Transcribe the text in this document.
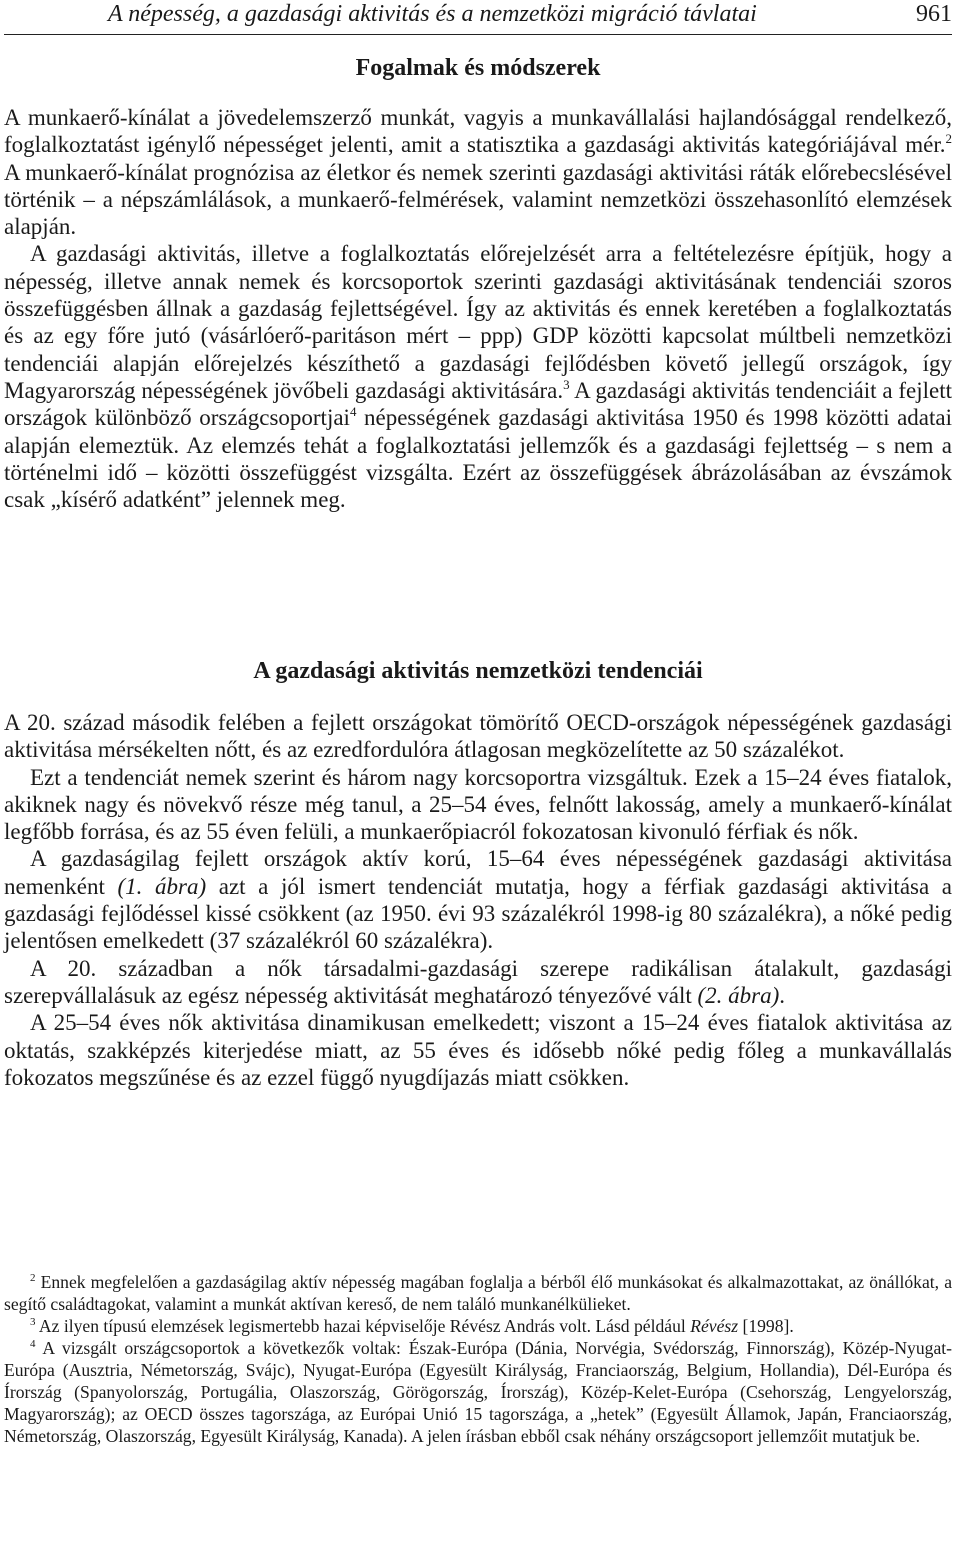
A népesség, a gazdasági aktivitás és a nemzetközi migráció távlatai	961
Fogalmak és módszerek

A munkaerő-kínálat a jövedelemszerző munkát, vagyis a munkavállalási hajlandósággal rendelkező, foglalkoztatást igénylő népességet jelenti, amit a statisztika a gazdasági aktivitás kategóriájával mér.$^2$ A munkaerő-kínálat prognózisa az életkor és nemek szerinti gazdasági aktivitási ráták előrebecslésével történik – a népszámlálások, a munkaerő-felmérések, valamint nemzetközi összehasonlító elemzések alapján.

A gazdasági aktivitás, illetve a foglalkoztatás előrejelzését arra a feltételezésre építjük, hogy a népesség, illetve annak nemek és korcsoportok szerinti gazdasági aktivitásának tendenciái szoros összefüggésben állnak a gazdaság fejlettségével. Így az aktivitás és ennek keretében a foglalkoztatás és az egy főre jutó (vásárlóerő-paritáson mért – ppp) GDP közötti kapcsolat múltbeli nemzetközi tendenciái alapján előrejelzés készíthető a gazdasági fejlődésben követő jellegű országok, így Magyarország népességének jövőbeli gazdasági aktivitására.$^3$ A gazdasági aktivitás tendenciáit a fejlett országok különböző országcsoportjai$^4$ népességének gazdasági aktivitása 1950 és 1998 közötti adatai alapján elemeztük. Az elemzés tehát a foglalkoztatási jellemzők és a gazdasági fejlettség – s nem a történelmi idő – közötti összefüggést vizsgálta. Ezért az összefüggések ábrázolásában az évszámok csak „kísérő adatként” jelennek meg.

A gazdasági aktivitás nemzetközi tendenciái

A 20. század második felében a fejlett országokat tömörítő OECD-országok népességének gazdasági aktivitása mérsékelten nőtt, és az ezredfordulóra átlagosan megközelítette az 50 százalékot.

Ezt a tendenciát nemek szerint és három nagy korcsoportra vizsgáltuk. Ezek a 15–24 éves fiatalok, akiknek nagy és növekvő része még tanul, a 25–54 éves, felnőtt lakosság, amely a munkaerő-kínálat legfőbb forrása, és az 55 éven felüli, a munkaerőpiacról fokozatosan kivonuló férfiak és nők.

A gazdaságilag fejlett országok aktív korú, 15–64 éves népességének gazdasági aktivitása nemenként (1. ábra) azt a jól ismert tendenciát mutatja, hogy a férfiak gazdasági aktivitása a gazdasági fejlődéssel kissé csökkent (az 1950. évi 93 százalékról 1998-ig 80 százalékra), a nőké pedig jelentősen emelkedett (37 százalékról 60 százalékra).

A 20. században a nők társadalmi-gazdasági szerepe radikálisan átalakult, gazdasági szerepvállalásuk az egész népesség aktivitását meghatározó tényezővé vált (2. ábra).

A 25–54 éves nők aktivitása dinamikusan emelkedett; viszont a 15–24 éves fiatalok aktivitása az oktatás, szakképzés kiterjedése miatt, az 55 éves és idősebb nőké pedig főleg a munkavállalás fokozatos megszűnése és az ezzel függő nyugdíjazás miatt csökken.

$^2$ Ennek megfelelően a gazdaságilag aktív népesség magában foglalja a bérből élő munkásokat és alkalmazottakat, az önállókat, a segítő családtagokat, valamint a munkát aktívan kereső, de nem találó munkanélkülieket.

$^3$ Az ilyen típusú elemzések legismertebb hazai képviselője Révész András volt. Lásd például Révész [1998].

$^4$ A vizsgált országcsoportok a következők voltak: Észak-Európa (Dánia, Norvégia, Svédország, Finnország), Közép-Nyugat-Európa (Ausztria, Németország, Svájc), Nyugat-Európa (Egyesült Királyság, Franciaország, Belgium, Hollandia), Dél-Európa és Írország (Spanyolország, Portugália, Olaszország, Görögország, Írország), Közép-Kelet-Európa (Csehország, Lengyelország, Magyarország); az OECD összes tagországa, az Európai Unió 15 tagországa, a „hetek” (Egyesült Államok, Japán, Franciaország, Németország, Olaszország, Egyesült Királyság, Kanada). A jelen írásban ebből csak néhány országcsoport jellemzőit mutatjuk be.
